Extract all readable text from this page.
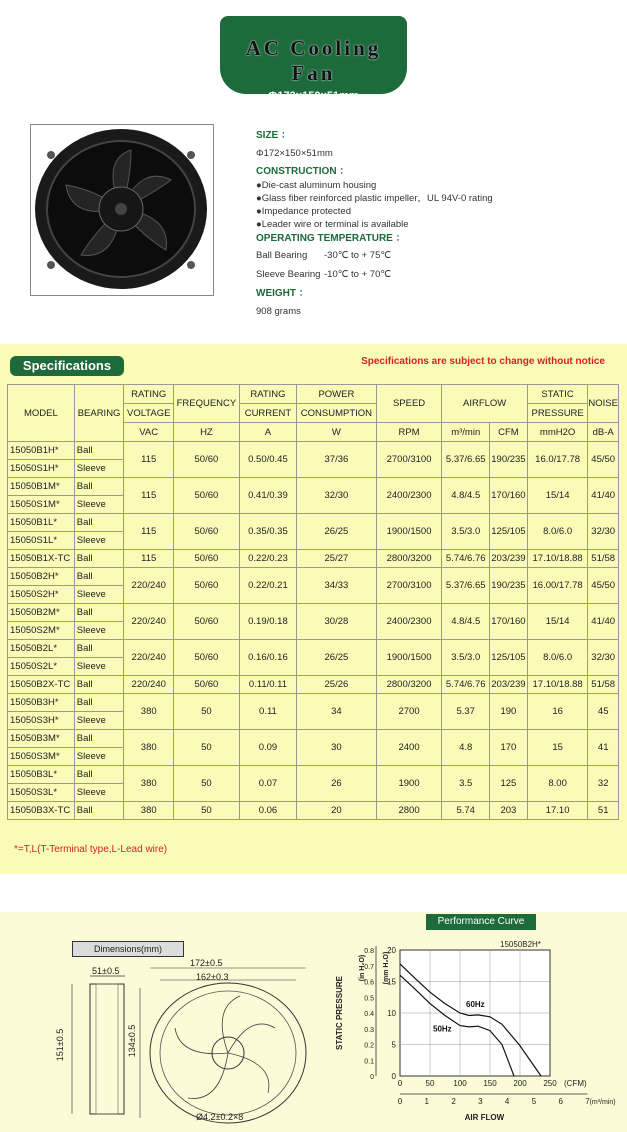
AC Cooling Fan
Φ172×150×51mm

SIZE ：

Φ172×150×51mm

CONSTRUCTION ：

●Die-cast aluminum housing

●Glass fiber reinforced plastic impeller，UL 94V-0 rating

●Impedance protected

●Leader wire or terminal is available

OPERATING TEMPERATURE ：

Ball Bearing	-30℃ to + 75℃
Sleeve Bearing -10℃ to + 70℃

WEIGHT ：

908 grams

Specifications	Specifications are subject to change without notice
MODEL	BEARING	RATING	FREQUENCY	RATING	POWER	SPEED	AIRFLOW		STATIC	NOISE
		VOLTAGE		CURRENT	CONSUMPTION				PRESSURE	
		VAC	HZ	A	W	RPM	m³/min	CFM	mmH2O	dB-A
15050B1H*	Ball	115	50/60	0.50/0.45	37/36	2700/3100	5.37/6.65	190/235	16.0/17.78	45/50
15050S1H*	Sleeve									
15050B1M*	Ball	115	50/60	0.41/0.39	32/30	2400/2300	4.8/4.5	170/160	15/14	41/40
15050S1M*	Sleeve									
15050B1L*	Ball	115	50/60	0.35/0.35	26/25	1900/1500	3.5/3.0	125/105	8.0/6.0	32/30
15050S1L*	Sleeve									
15050B1X-TC	Ball	115	50/60	0.22/0.23	25/27	2800/3200	5.74/6.76	203/239	17.10/18.88	51/58
15050B2H*	Ball	220/240	50/60	0.22/0.21	34/33	2700/3100	5.37/6.65	190/235	16.00/17.78	45/50
15050S2H*	Sleeve									
15050B2M*	Ball	220/240	50/60	0.19/0.18	30/28	2400/2300	4.8/4.5	170/160	15/14	41/40
15050S2M*	Sleeve									
15050B2L*	Ball	220/240	50/60	0.16/0.16	26/25	1900/1500	3.5/3.0	125/105	8.0/6.0	32/30
15050S2L*	Sleeve									
15050B2X-TC	Ball	220/240	50/60	0.11/0.11	25/26	2800/3200	5.74/6.76	203/239	17.10/18.88	51/58
15050B3H*	Ball	380	50	0.11	34	2700	5.37	190	16	45
15050S3H*	Sleeve									
15050B3M*	Ball	380	50	0.09	30	2400	4.8	170	15	41
15050S3M*	Sleeve									
15050B3L*	Ball	380	50	0.07	26	1900	3.5	125	8.00	32
15050S3L*	Sleeve									
15050B3X-TC	Ball	380	50	0.06	20	2800	5.74	203	17.10	51
*=T,L(T-Terminal type,L-Lead wire)
Dimensions(mm)
51±0.5
172±0.5
162±0.3
151±0.5	134±0.5
Ø4.2±0.2×8
Performance Curve
15050B2H*
60Hz
50Hz
0
5
10
15
20
0
0.1
0.2
0.3
0.4
0.5
0.6
0.7
0.8
0	50 100 150 200 250 (CFM)
0	1	2	3	4	5	6	7 (m³/min)
AIR FLOW
STATIC PRESSURE
(in H₂O) (mm H₂O)
